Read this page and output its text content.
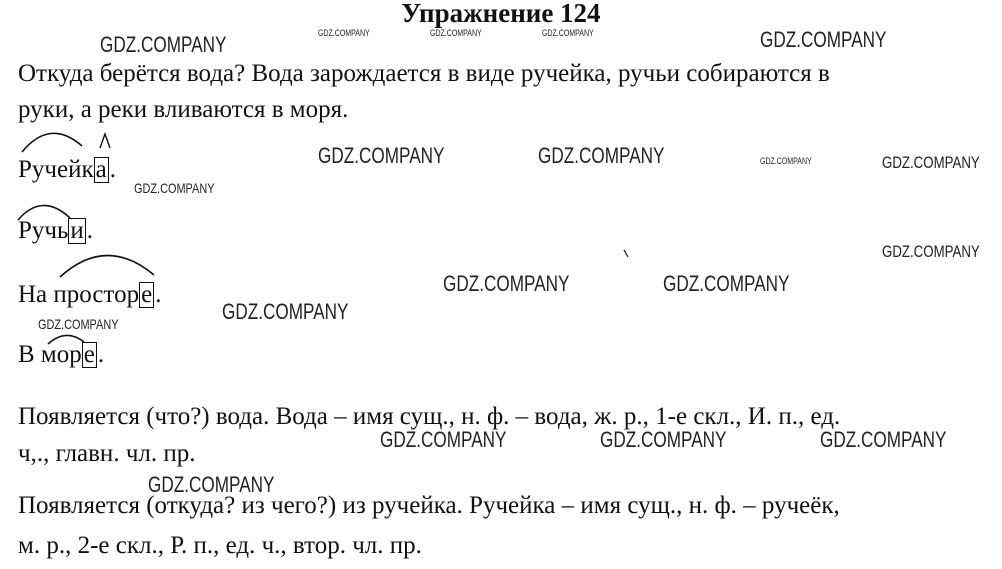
Упражнение 124
GDZ.COMPANY	GDZ.COMPANY	GDZ.COMPANY	GDZ.COMPANY	GDZ.COMPANY
GDZ.COMPANY	GDZ.COMPANY	GDZ.COMPANY	GDZ.COMPANY
GDZ.COMPANY
GDZ.COMPANY
GDZ.COMPANY	GDZ.COMPANY
GDZ.COMPANY
GDZ.COMPANY
GDZ.COMPANY	GDZ.COMPANY	GDZ.COMPANY
GDZ.COMPANY
Откуда берётся вода? Вода зарождается в виде ручейка, ручьи собираются в
руки, а реки вливаются в моря.
Ручейка .
Ручьи .
На просторе .
В море .
Появляется (что?) вода. Вода – имя сущ., н. ф. – вода, ж. р., 1-е скл., И. п., ед.
ч,., главн. чл. пр.
Появляется (откуда? из чего?) из ручейка. Ручейка – имя сущ., н. ф. – ручеёк,
м. р., 2-е скл., Р. п., ед. ч., втор. чл. пр.
